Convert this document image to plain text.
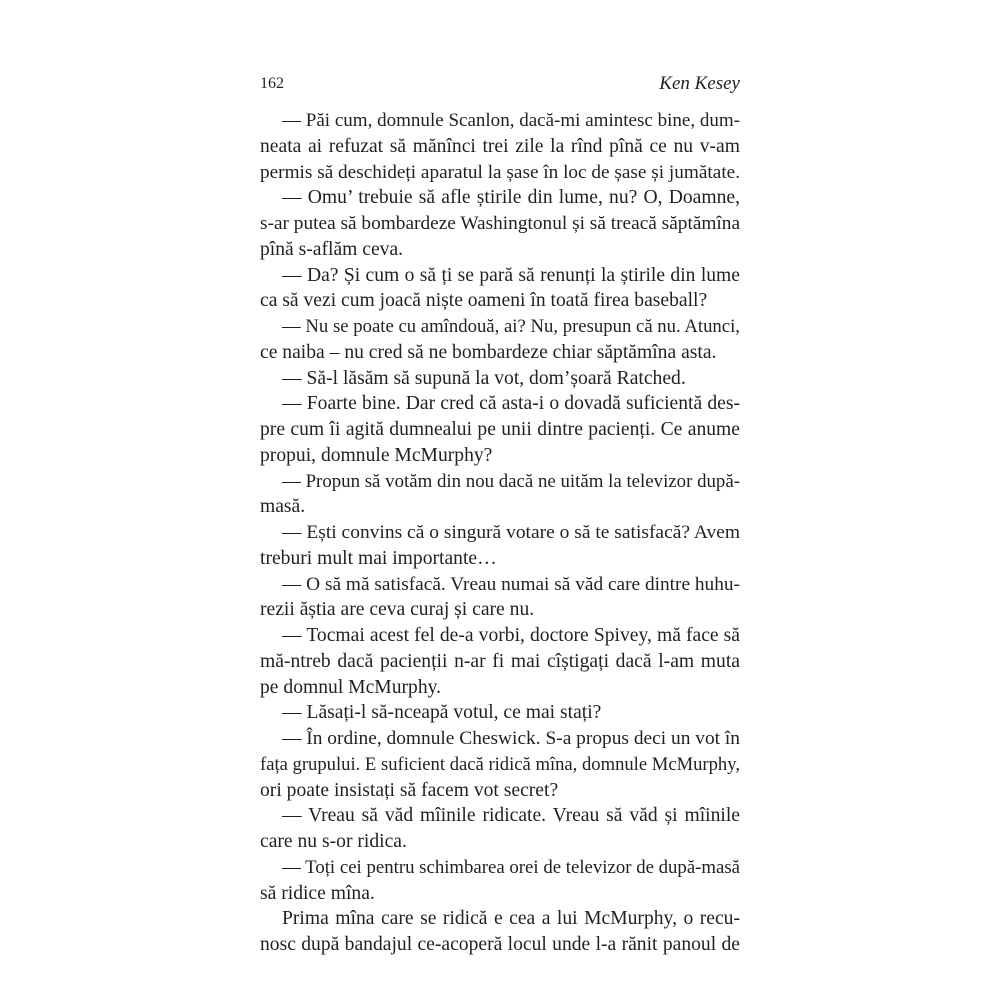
162	Ken Kesey
— Păi cum, domnule Scanlon, dacă-mi amintesc bine, dum-
neata ai refuzat să mănînci trei zile la rînd pînă ce nu v-am
permis să deschideți aparatul la șase în loc de șase și jumătate.
— Omu’ trebuie să afle știrile din lume, nu? O, Doamne,
s-ar putea să bombardeze Washingtonul și să treacă săptămîna
pînă s-aflăm ceva.
— Da? Și cum o să ți se pară să renunți la știrile din lume
ca să vezi cum joacă niște oameni în toată firea baseball?
— Nu se poate cu amîndouă, ai? Nu, presupun că nu. Atunci,
ce naiba – nu cred să ne bombardeze chiar săptămîna asta.
— Să-l lăsăm să supună la vot, dom’șoară Ratched.
— Foarte bine. Dar cred că asta-i o dovadă suficientă des-
pre cum îi agită dumnealui pe unii dintre pacienți. Ce anume
propui, domnule McMurphy?
— Propun să votăm din nou dacă ne uităm la televizor după-
masă.
— Ești convins că o singură votare o să te satisfacă? Avem
treburi mult mai importante…
— O să mă satisfacă. Vreau numai să văd care dintre huhu-
rezii ăștia are ceva curaj și care nu.
— Tocmai acest fel de-a vorbi, doctore Spivey, mă face să
mă-ntreb dacă pacienții n-ar fi mai cîștigați dacă l-am muta
pe domnul McMurphy.
— Lăsați-l să-nceapă votul, ce mai stați?
— În ordine, domnule Cheswick. S-a propus deci un vot în
fața grupului. E suficient dacă ridică mîna, domnule McMurphy,
ori poate insistați să facem vot secret?
— Vreau să văd mîinile ridicate. Vreau să văd și mîinile
care nu s-or ridica.
— Toți cei pentru schimbarea orei de televizor de după-masă
să ridice mîna.
Prima mîna care se ridică e cea a lui McMurphy, o recu-
nosc după bandajul ce-acoperă locul unde l-a rănit panoul de
